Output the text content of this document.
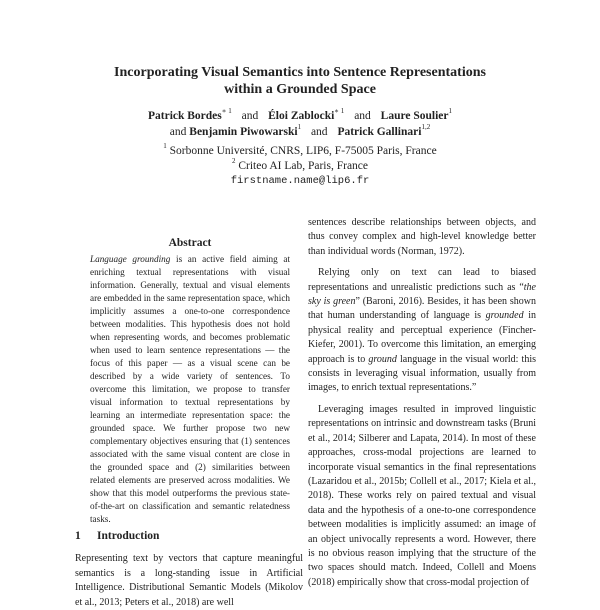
Incorporating Visual Semantics into Sentence Representations
within a Grounded Space
Patrick Bordes$^{∗ 1}$ and Éloi Zablocki$^{∗ 1}$ and Laure Soulier$^1$
and Benjamin Piwowarski$^1$ and Patrick Gallinari$^{1,2}$
$^1$ Sorbonne Université, CNRS, LIP6, F-75005 Paris, France
$^2$ Criteo AI Lab, Paris, France
firstname.name@lip6.fr
Abstract
Language grounding is an active field aiming at enriching textual representations with visual information. Generally, textual and visual elements are embedded in the same representation space, which implicitly assumes a one-to-one correspondence between modalities. This hypothesis does not hold when representing words, and becomes problematic when used to learn sentence representations — the focus of this paper — as a visual scene can be described by a wide variety of sentences. To overcome this limitation, we propose to transfer visual information to textual representations by learning an intermediate representation space: the grounded space. We further propose two new complementary objectives ensuring that (1) sentences associated with the same visual content are close in the grounded space and (2) similarities between related elements are preserved across modalities. We show that this model outperforms the previous state-of-the-art on classification and semantic relatedness tasks.
1 Introduction

Representing text by vectors that capture meaningful semantics is a long-standing issue in Artificial Intelligence. Distributional Semantic Models (Mikolov et al., 2013; Peters et al., 2018) are well

sentences describe relationships between objects, and thus convey complex and high-level knowledge better than individual words (Norman, 1972).

Relying only on text can lead to biased representations and unrealistic predictions such as “the sky is green” (Baroni, 2016). Besides, it has been shown that human understanding of language is grounded in physical reality and perceptual experience (Fincher-Kiefer, 2001). To overcome this limitation, an emerging approach is to ground language in the visual world: this consists in leveraging visual information, usually from images, to enrich textual representations.”

Leveraging images resulted in improved linguistic representations on intrinsic and downstream tasks (Bruni et al., 2014; Silberer and Lapata, 2014). In most of these approaches, cross-modal projections are learned to incorporate visual semantics in the final representations (Lazaridou et al., 2015b; Collell et al., 2017; Kiela et al., 2018). These works rely on paired textual and visual data and the hypothesis of a one-to-one correspondence between modalities is implicitly assumed: an image of an object univocally represents a word. However, there is no obvious reason implying that the structure of the two spaces should match. Indeed, Collell and Moens (2018) empirically show that cross-modal projection of
